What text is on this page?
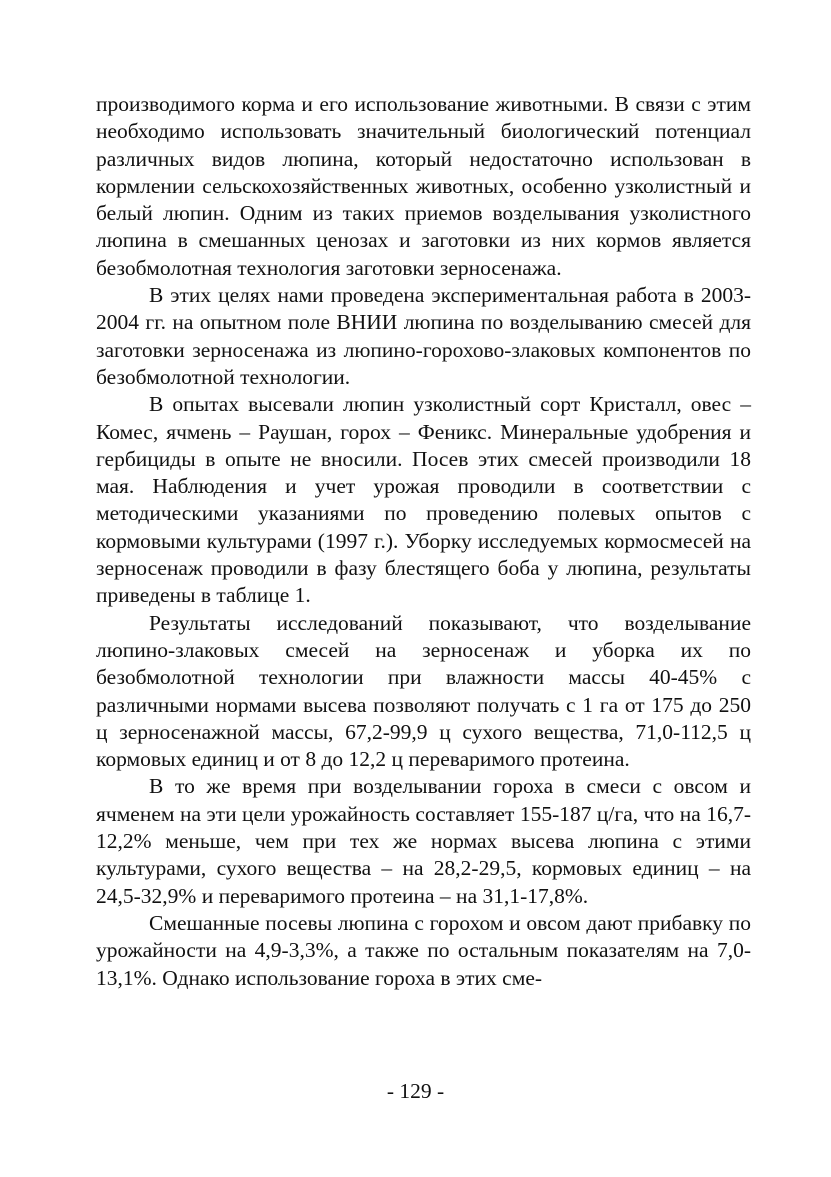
производимого корма и его использование животными. В связи с этим необходимо использовать значительный биологический потенциал различных видов люпина, который недостаточно использован в кормлении сельскохозяйственных животных, особенно узколистный и белый люпин. Одним из таких приемов возделывания узколистного люпина в смешанных ценозах и заготовки из них кормов является безобмолотная технология заготовки зерносенажа.

В этих целях нами проведена экспериментальная работа в 2003-2004 гг. на опытном поле ВНИИ люпина по возделыванию смесей для заготовки зерносенажа из люпино-горохово-злаковых компонентов по безобмолотной технологии.

В опытах высевали люпин узколистный сорт Кристалл, овес – Комес, ячмень – Раушан, горох – Феникс. Минеральные удобрения и гербициды в опыте не вносили. Посев этих смесей производили 18 мая. Наблюдения и учет урожая проводили в соответствии с методическими указаниями по проведению полевых опытов с кормовыми культурами (1997 г.). Уборку исследуемых кормосмесей на зерносенаж проводили в фазу блестящего боба у люпина, результаты приведены в таблице 1.

Результаты исследований показывают, что возделывание люпино-злаковых смесей на зерносенаж и уборка их по безобмолотной технологии при влажности массы 40-45% с различными нормами высева позволяют получать с 1 га от 175 до 250 ц зерносенажной массы, 67,2-99,9 ц сухого вещества, 71,0-112,5 ц кормовых единиц и от 8 до 12,2 ц переваримого протеина.

В то же время при возделывании гороха в смеси с овсом и ячменем на эти цели урожайность составляет 155-187 ц/га, что на 16,7-12,2% меньше, чем при тех же нормах высева люпина с этими культурами, сухого вещества – на 28,2-29,5, кормовых единиц – на 24,5-32,9% и переваримого протеина – на 31,1-17,8%.

Смешанные посевы люпина с горохом и овсом дают прибавку по урожайности на 4,9-3,3%, а также по остальным показателям на 7,0-13,1%. Однако использование гороха в этих сме-

- 129 -
